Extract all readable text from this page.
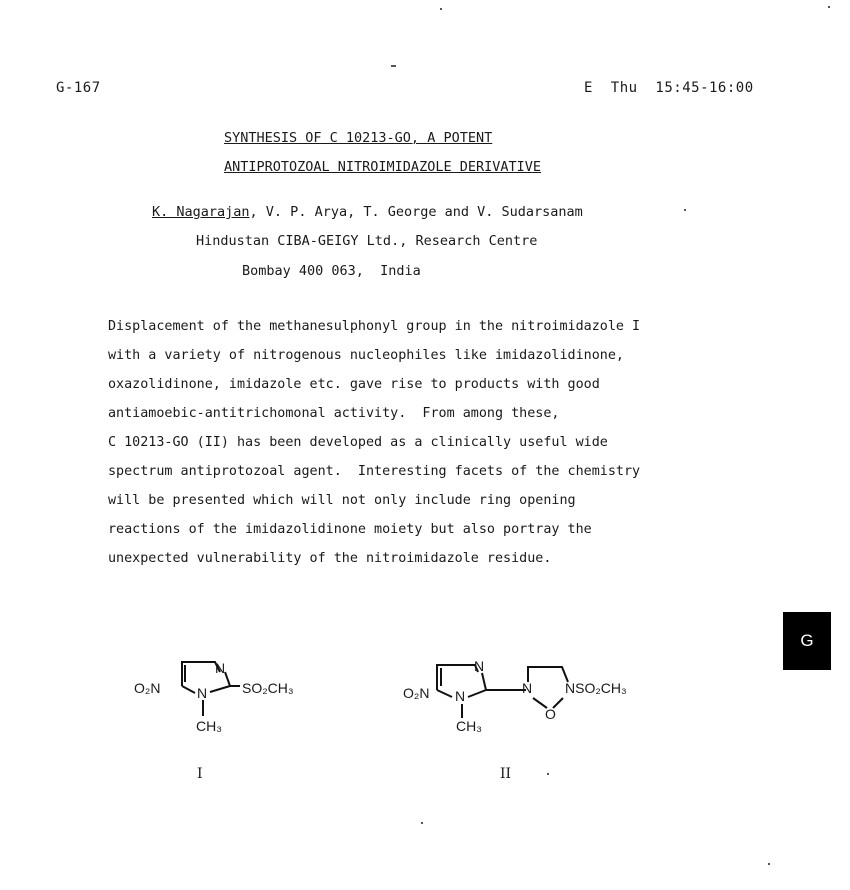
G-167	E  Thu  15:45-16:00
SYNTHESIS OF C 10213-GO, A POTENT
ANTIPROTOZOAL NITROIMIDAZOLE DERIVATIVE
K. Nagarajan, V. P. Arya, T. George and V. Sudarsanam
Hindustan CIBA-GEIGY Ltd., Research Centre
Bombay 400 063,  India
Displacement of the methanesulphonyl group in the nitroimidazole I
with a variety of nitrogenous nucleophiles like imidazolidinone,
oxazolidinone, imidazole etc. gave rise to products with good
antiamoebic-antitrichomonal activity.  From among these,
C 10213-GO (II) has been developed as a clinically useful wide
spectrum antiprotozoal agent.  Interesting facets of the chemistry
will be presented which will not only include ring opening
reactions of the imidazolidinone moiety but also portray the
unexpected vulnerability of the nitroimidazole residue.
G
O₂N
N
N SO₂CH₃
CH₃
I
O₂N
N
N
CH₃
N NSO₂CH₃
O
II
